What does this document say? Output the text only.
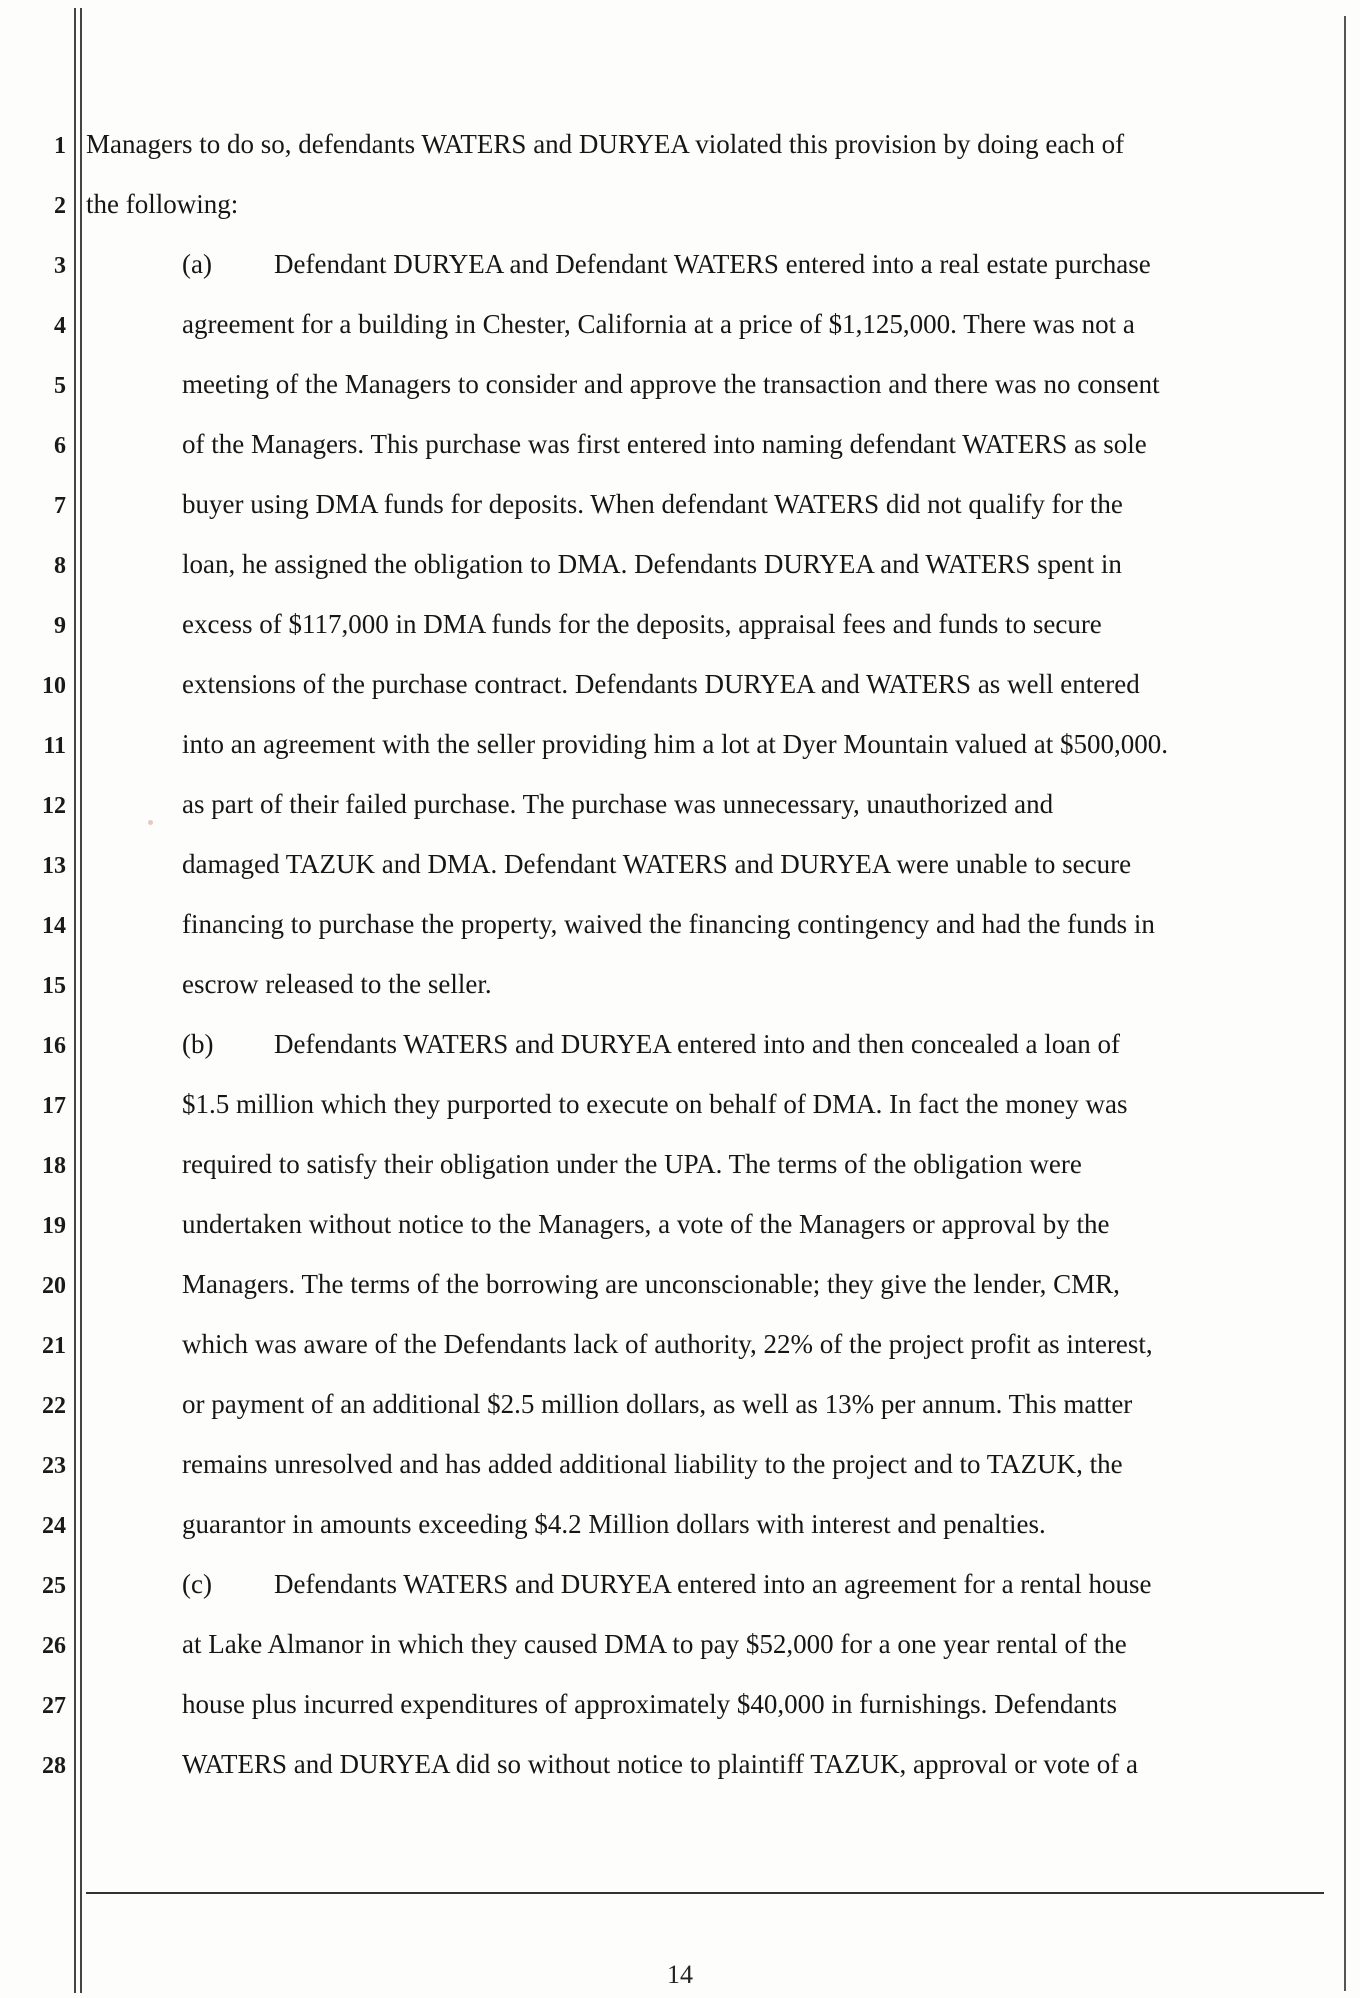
1
2
3
4
5
6
7
8
9
10
11
12
13
14
15
16
17
18
19
20
21
22
23
24
25
26
27
28
Managers to do so, defendants WATERS and DURYEA violated this provision by doing each of
the following:
(a) Defendant DURYEA and Defendant WATERS entered into a real estate purchase
agreement for a building in Chester, California at a price of $1,125,000. There was not a
meeting of the Managers to consider and approve the transaction and there was no consent
of the Managers. This purchase was first entered into naming defendant WATERS as sole
buyer using DMA funds for deposits. When defendant WATERS did not qualify for the
loan, he assigned the obligation to DMA. Defendants DURYEA and WATERS spent in
excess of $117,000 in DMA funds for the deposits, appraisal fees and funds to secure
extensions of the purchase contract. Defendants DURYEA and WATERS as well entered
into an agreement with the seller providing him a lot at Dyer Mountain valued at $500,000.
as part of their failed purchase. The purchase was unnecessary, unauthorized and
damaged TAZUK and DMA. Defendant WATERS and DURYEA were unable to secure
financing to purchase the property, waived the financing contingency and had the funds in
escrow released to the seller.
(b) Defendants WATERS and DURYEA entered into and then concealed a loan of
$1.5 million which they purported to execute on behalf of DMA. In fact the money was
required to satisfy their obligation under the UPA. The terms of the obligation were
undertaken without notice to the Managers, a vote of the Managers or approval by the
Managers. The terms of the borrowing are unconscionable; they give the lender, CMR,
which was aware of the Defendants lack of authority, 22% of the project profit as interest,
or payment of an additional $2.5 million dollars, as well as 13% per annum. This matter
remains unresolved and has added additional liability to the project and to TAZUK, the
guarantor in amounts exceeding $4.2 Million dollars with interest and penalties.
(c) Defendants WATERS and DURYEA entered into an agreement for a rental house
at Lake Almanor in which they caused DMA to pay $52,000 for a one year rental of the
house plus incurred expenditures of approximately $40,000 in furnishings. Defendants
WATERS and DURYEA did so without notice to plaintiff TAZUK, approval or vote of a
14
